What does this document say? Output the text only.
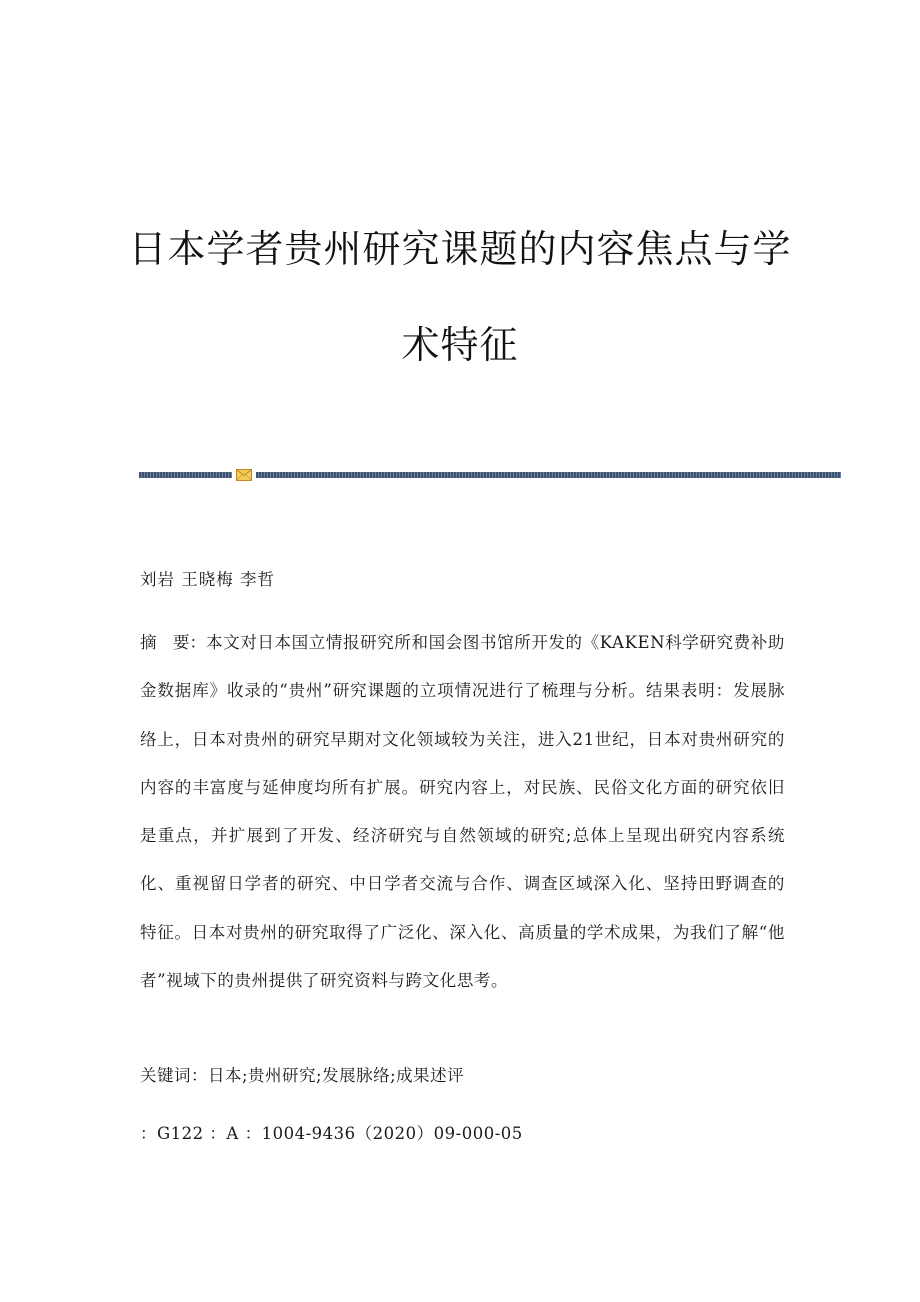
日本学者贵州研究课题的内容焦点与学
术特征
刘岩 王晓梅 李哲
摘　要：本文对日本国立情报研究所和国会图书馆所开发的《KAKEN科学研究费补助金数据库》收录的“贵州”研究课题的立项情况进行了梳理与分析。结果表明：发展脉络上，日本对贵州的研究早期对文化领域较为关注，进入21世纪，日本对贵州研究的内容的丰富度与延伸度均所有扩展。研究内容上，对民族、民俗文化方面的研究依旧是重点，并扩展到了开发、经济研究与自然领域的研究;总体上呈现出研究内容系统化、重视留日学者的研究、中日学者交流与合作、调查区域深入化、坚持田野调查的特征。日本对贵州的研究取得了广泛化、深入化、高质量的学术成果，为我们了解“他者”视域下的贵州提供了研究资料与跨文化思考。
关键词：日本;贵州研究;发展脉络;成果述评
：G122 ：A ：1004-9436（2020）09-000-05
